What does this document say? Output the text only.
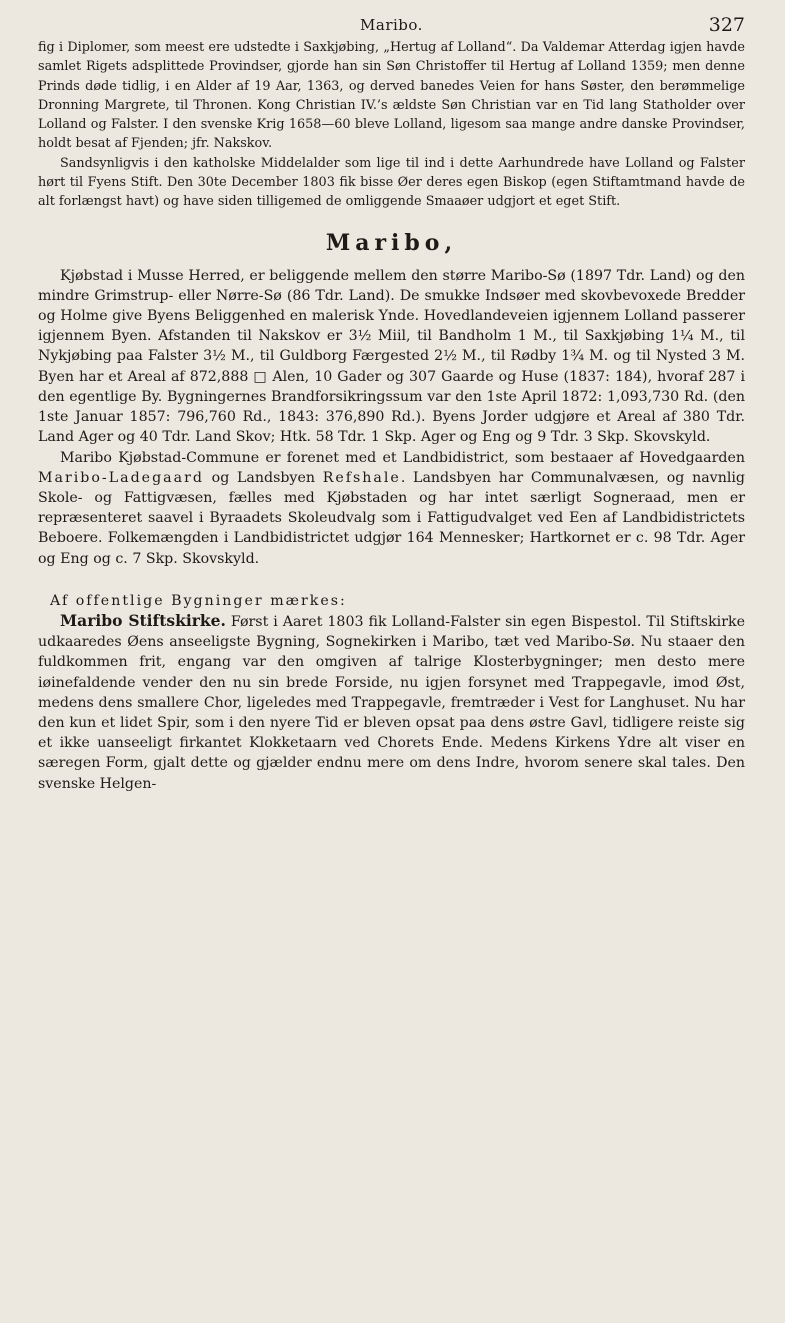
Maribo.	327

fig i Diplomer, som meest ere udstedte i Saxkjøbing, „Hertug af Lolland“. Da Valdemar Atterdag igjen havde samlet Rigets adsplittede Provindser, gjorde han sin Søn Christoffer til Hertug af Lolland 1359; men denne Prinds døde tidlig, i en Alder af 19 Aar, 1363, og derved banedes Veien for hans Søster, den berømmelige Dronning Margrete, til Thronen. Kong Christian IV.’s ældste Søn Christian var en Tid lang Statholder over Lolland og Falster. I den svenske Krig 1658—60 bleve Lolland, ligesom saa mange andre danske Provindser, holdt besat af Fjenden; jfr. Nakskov.

Sandsynligvis i den katholske Middelalder som lige til ind i dette Aarhundrede have Lolland og Falster hørt til Fyens Stift. Den 30te December 1803 fik bisse Øer deres egen Biskop (egen Stiftamtmand havde de alt forlængst havt) og have siden tilligemed de omliggende Smaaøer udgjort et eget Stift.

Maribo,

Kjøbstad i Musse Herred, er beliggende mellem den større Maribo-Sø (1897 Tdr. Land) og den mindre Grimstrup- eller Nørre-Sø (86 Tdr. Land). De smukke Indsøer med skovbevoxede Bredder og Holme give Byens Beliggenhed en malerisk Ynde. Hovedlandeveien igjennem Lolland passerer igjennem Byen. Afstanden til Nakskov er 3½ Miil, til Bandholm 1 M., til Saxkjøbing 1¼ M., til Nykjøbing paa Falster 3½ M., til Guldborg Færgested 2½ M., til Rødby 1¾ M. og til Nysted 3 M. Byen har et Areal af 872,888 □ Alen, 10 Gader og 307 Gaarde og Huse (1837: 184), hvoraf 287 i den egentlige By. Bygningernes Brandforsikringssum var den 1ste April 1872: 1,093,730 Rd. (den 1ste Januar 1857: 796,760 Rd., 1843: 376,890 Rd.). Byens Jorder udgjøre et Areal af 380 Tdr. Land Ager og 40 Tdr. Land Skov; Htk. 58 Tdr. 1 Skp. Ager og Eng og 9 Tdr. 3 Skp. Skovskyld.

Maribo Kjøbstad-Commune er forenet med et Landbidistrict, som bestaaer af Hovedgaarden Maribo-Ladegaard og Landsbyen Refshale. Landsbyen har Communalvæsen, og navnlig Skole- og Fattigvæsen, fælles med Kjøbstaden og har intet særligt Sogneraad, men er repræsenteret saavel i Byraadets Skoleudvalg som i Fattigudvalget ved Een af Landbidistrictets Beboere. Folkemængden i Landbidistrictet udgjør 164 Mennesker; Hartkornet er c. 98 Tdr. Ager og Eng og c. 7 Skp. Skovskyld.

Af offentlige Bygninger mærkes:

Maribo Stiftskirke. Først i Aaret 1803 fik Lolland-Falster sin egen Bispestol. Til Stiftskirke udkaaredes Øens anseeligste Bygning, Sognekirken i Maribo, tæt ved Maribo-Sø. Nu staaer den fuldkommen frit, engang var den omgiven af talrige Klosterbygninger; men desto mere iøinefaldende vender den nu sin brede Forside, nu igjen forsynet med Trappegavle, imod Øst, medens dens smallere Chor, ligeledes med Trappegavle, fremtræder i Vest for Langhuset. Nu har den kun et lidet Spir, som i den nyere Tid er bleven opsat paa dens østre Gavl, tidligere reiste sig et ikke uanseeligt firkantet Klokketaarn ved Chorets Ende. Medens Kirkens Ydre alt viser en særegen Form, gjalt dette og gjælder endnu mere om dens Indre, hvorom senere skal tales. Den svenske Helgen-
